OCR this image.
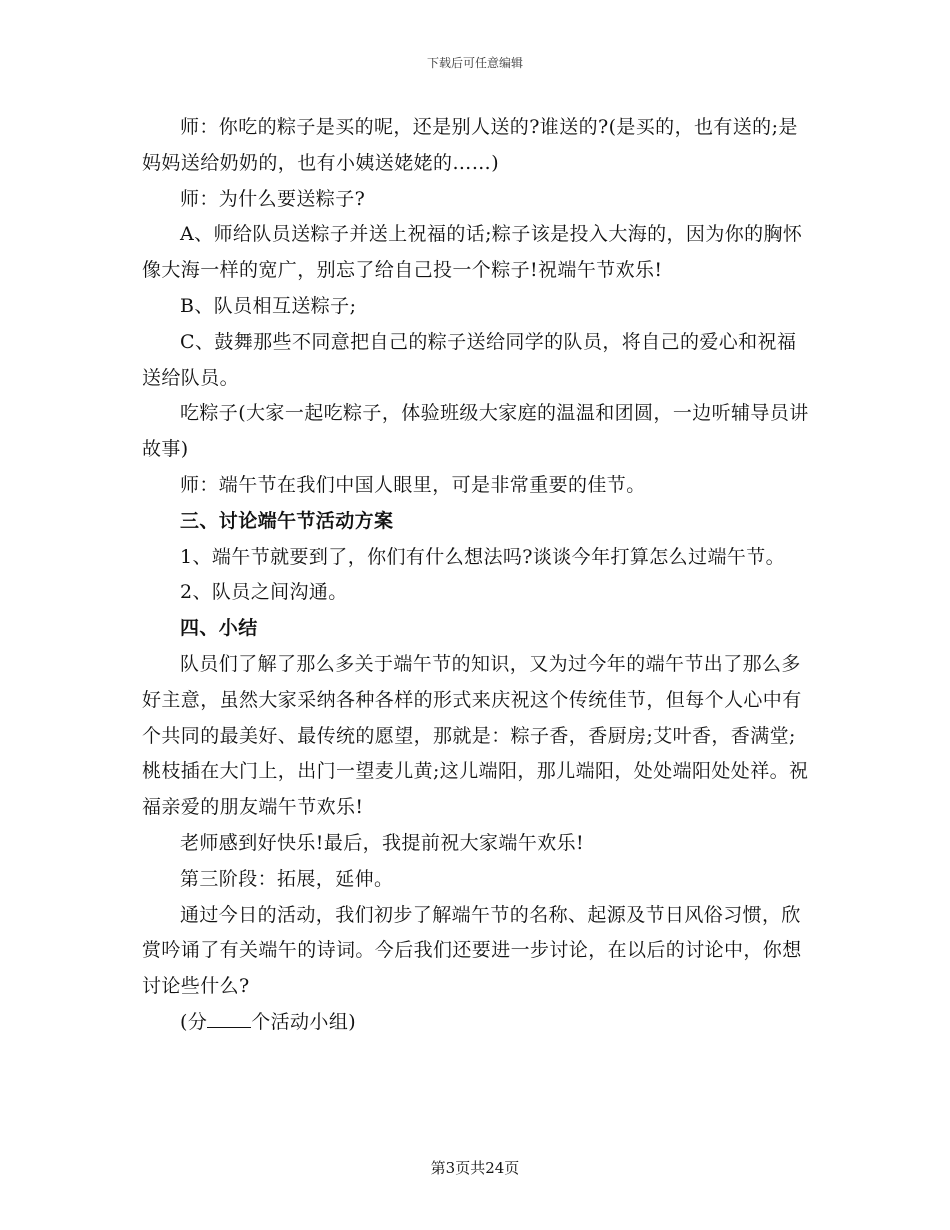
下载后可任意编辑

师：你吃的粽子是买的呢，还是别人送的?谁送的?(是买的，也有送的;是妈妈送给奶奶的，也有小姨送姥姥的……)

师：为什么要送粽子?

A、师给队员送粽子并送上祝福的话;粽子该是投入大海的，因为你的胸怀像大海一样的宽广，别忘了给自己投一个粽子!祝端午节欢乐!

B、队员相互送粽子;

C、鼓舞那些不同意把自己的粽子送给同学的队员，将自己的爱心和祝福送给队员。

吃粽子(大家一起吃粽子，体验班级大家庭的温温和团圆，一边听辅导员讲故事)

师：端午节在我们中国人眼里，可是非常重要的佳节。

三、讨论端午节活动方案

1、端午节就要到了，你们有什么想法吗?谈谈今年打算怎么过端午节。

2、队员之间沟通。

四、小结

队员们了解了那么多关于端午节的知识，又为过今年的端午节出了那么多好主意，虽然大家采纳各种各样的形式来庆祝这个传统佳节，但每个人心中有个共同的最美好、最传统的愿望，那就是：粽子香，香厨房;艾叶香，香满堂;桃枝插在大门上，出门一望麦儿黄;这儿端阳，那儿端阳，处处端阳处处祥。祝福亲爱的朋友端午节欢乐!

老师感到好快乐!最后，我提前祝大家端午欢乐!

第三阶段：拓展，延伸。

通过今日的活动，我们初步了解端午节的名称、起源及节日风俗习惯，欣赏吟诵了有关端午的诗词。今后我们还要进一步讨论，在以后的讨论中，你想讨论些什么?

(分 个活动小组)

第3页共24页
